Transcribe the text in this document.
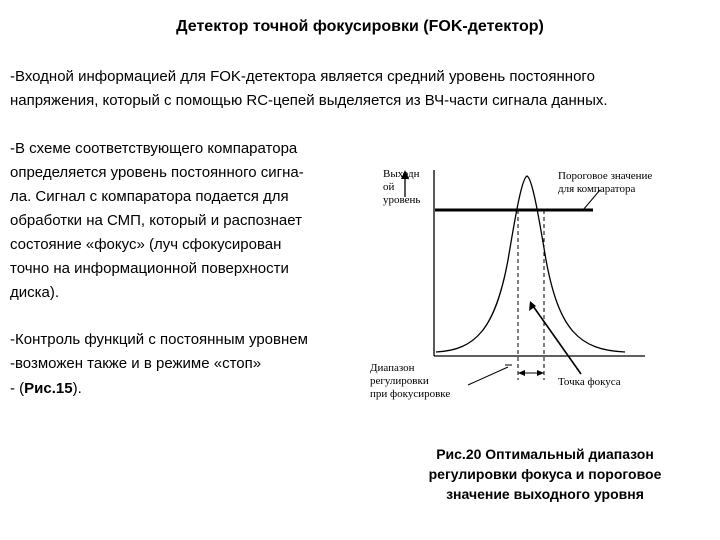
Детектор точной фокусировки (FOK-детектор)
-Входной информацией для FOK-детектора является средний уровень постоянного
напряжения, который с помощью RC-цепей выделяется из ВЧ-части сигнала данных.
-В схеме соответствующего компаратора
определяется уровень постоянного сигна-
ла. Сигнал с компаратора подается для
обработки на СМП, который и распознает
состояние «фокус» (луч сфокусирован
точно на информационной поверхности
диска).
-Контроль функций с постоянным уровнем
-возможен также и в режиме «стоп»
- (Рис.15).
Выходн
ой
уровень
Пороговое значение
для компаратора
Диапазон
регулировки
при фокусировке
Точка фокуса
Рис.20 Оптимальный диапазон
регулировки фокуса и пороговое
значение выходного уровня
